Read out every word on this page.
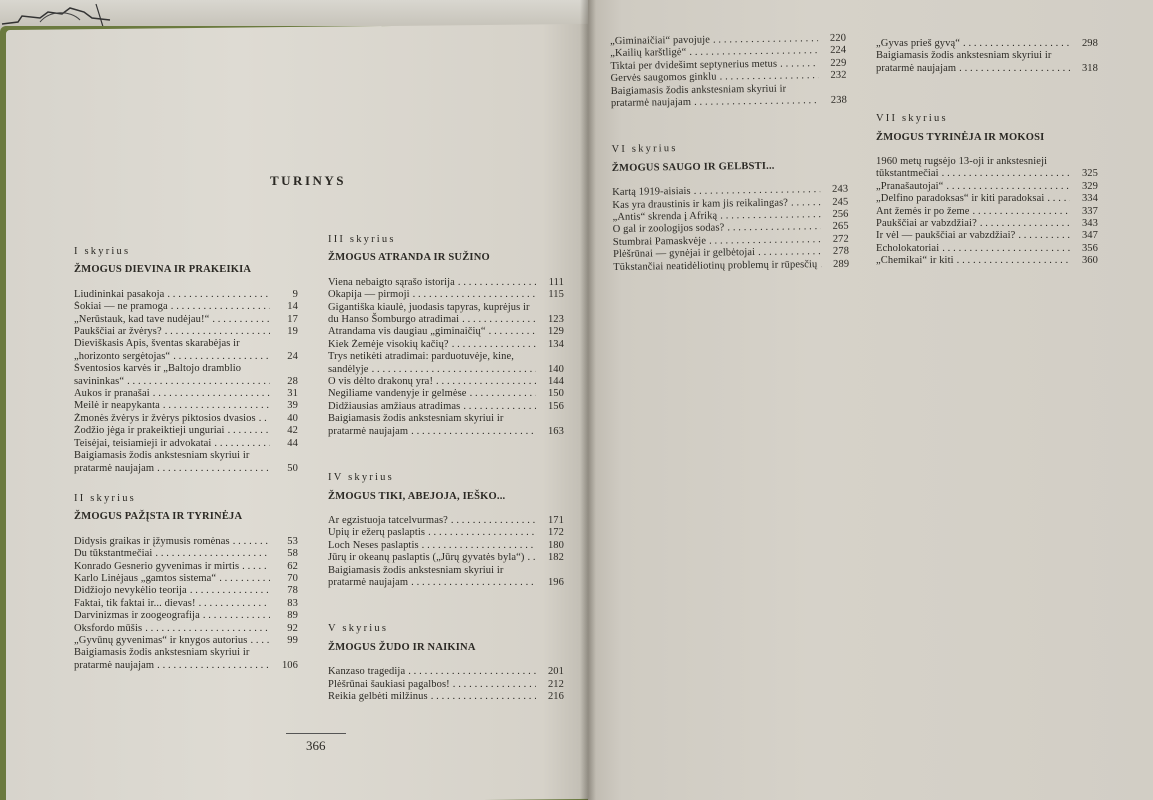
TURINYS
I skyrius
ŽMOGUS DIEVINA IR PRAKEIKIA
Liudininkai pasakoja . . .	9
Šokiai — ne pramoga . . .	14
„Nerūstauk, kad tave nudėjau!“ . . .	17
Paukščiai ar žvėrys? . . .	19
Dieviškasis Apis, šventas skarabėjas ir „horizonto sergėtojas“ . . .	24
Šventosios karvės ir „Baltojo dramblio savininkas“ . . .	28
Aukos ir pranašai . . .	31
Meilė ir neapykanta . . .	39
Žmonės žvėrys ir žvėrys piktosios dvasios . . .	40
Žodžio jėga ir prakeiktieji unguriai . . .	42
Teisėjai, teisiamieji ir advokatai . . .	44
Baigiamasis žodis ankstesniam skyriui ir pratarmė naujajam . . .	50
II skyrius
ŽMOGUS PAŽĮSTA IR TYRINĖJA
Didysis graikas ir įžymusis romėnas . . .	53
Du tūkstantmečiai . . .	58
Konrado Gesnerio gyvenimas ir mirtis . . .	62
Karlo Linėjaus „gamtos sistema“ . . .	70
Didžiojo nevykėlio teorija . . .	78
Faktai, tik faktai ir... dievas! . . .	83
Darvinizmas ir zoogeografija . . .	89
Oksfordo mūšis . . .	92
„Gyvūnų gyvenimas“ ir knygos autorius . . .	99
Baigiamasis žodis ankstesniam skyriui ir pratarmė naujajam . . .	106
III skyrius
ŽMOGUS ATRANDA IR SUŽINO
Viena nebaigto sąrašo istorija . . .	111
Okapija — pirmoji . . .	115
Gigantiška kiaulė, juodasis tapyras, kuprėjus ir du Hanso Šomburgo atradimai . . .	123
Atrandama vis daugiau „giminaičių“ . . .	129
Kiek Žemėje visokių kačių? . . .	134
Trys netikėti atradimai: parduotuvėje, kine, sandėlyje . . .	140
O vis dėlto drakonų yra! . . .	144
Negiliame vandenyje ir gelmėse . . .	150
Didžiausias amžiaus atradimas . . .	156
Baigiamasis žodis ankstesniam skyriui ir pratarmė naujajam . . .	163
IV skyrius
ŽMOGUS TIKI, ABEJOJA, IEŠKO...
Ar egzistuoja tatcelvurmas? . . .	171
Upių ir ežerų paslaptis . . .	172
Loch Neses paslaptis . . .	180
Jūrų ir okeanų paslaptis („Jūrų gyvatės byla“) . . .	182
Baigiamasis žodis ankstesniam skyriui ir pratarmė naujajam . . .	196
V skyrius
ŽMOGUS ŽUDO IR NAIKINA
Kanzaso tragedija . . .	201
Plėšrūnai šaukiasi pagalbos! . . .	212
Reikia gelbėti milžinus . . .	216
„Giminaičiai“ pavojuje . . .	220
„Kailių karštligė“ . . .	224
Tiktai per dvidešimt septynerius metus . . .	229
Gervės saugomos ginklu . . .	232
Baigiamasis žodis ankstesniam skyriui ir pratarmė naujajam . . .	238
VI skyrius
ŽMOGUS SAUGO IR GELBSTI...
Kartą 1919-aisiais . . .	243
Kas yra draustinis ir kam jis reikalingas? . . .	245
„Antis“ skrenda į Afriką . . .	256
O gal ir zoologijos sodas? . . .	265
Stumbrai Pamaskvėje . . .	272
Plėšrūnai — gynėjai ir gelbėtojai . . .	278
Tūkstančiai neatidėliotinų problemų ir rūpesčių . . .	289
„Gyvas prieš gyvą“ . . .	298
Baigiamasis žodis ankstesniam skyriui ir pratarmė naujajam . . .	318
VII skyrius
ŽMOGUS TYRINĖJA IR MOKOSI
1960 metų rugsėjo 13-oji ir ankstesnieji tūkstantmečiai . . .	325
„Pranašautojai“ . . .	329
„Delfino paradoksas“ ir kiti paradoksai . . .	334
Ant žemės ir po žeme . . .	337
Paukščiai ar vabzdžiai? . . .	343
Ir vėl — paukščiai ar vabzdžiai? . . .	347
Echolokatoriai . . .	356
„Chemikai“ ir kiti . . .	360
366
